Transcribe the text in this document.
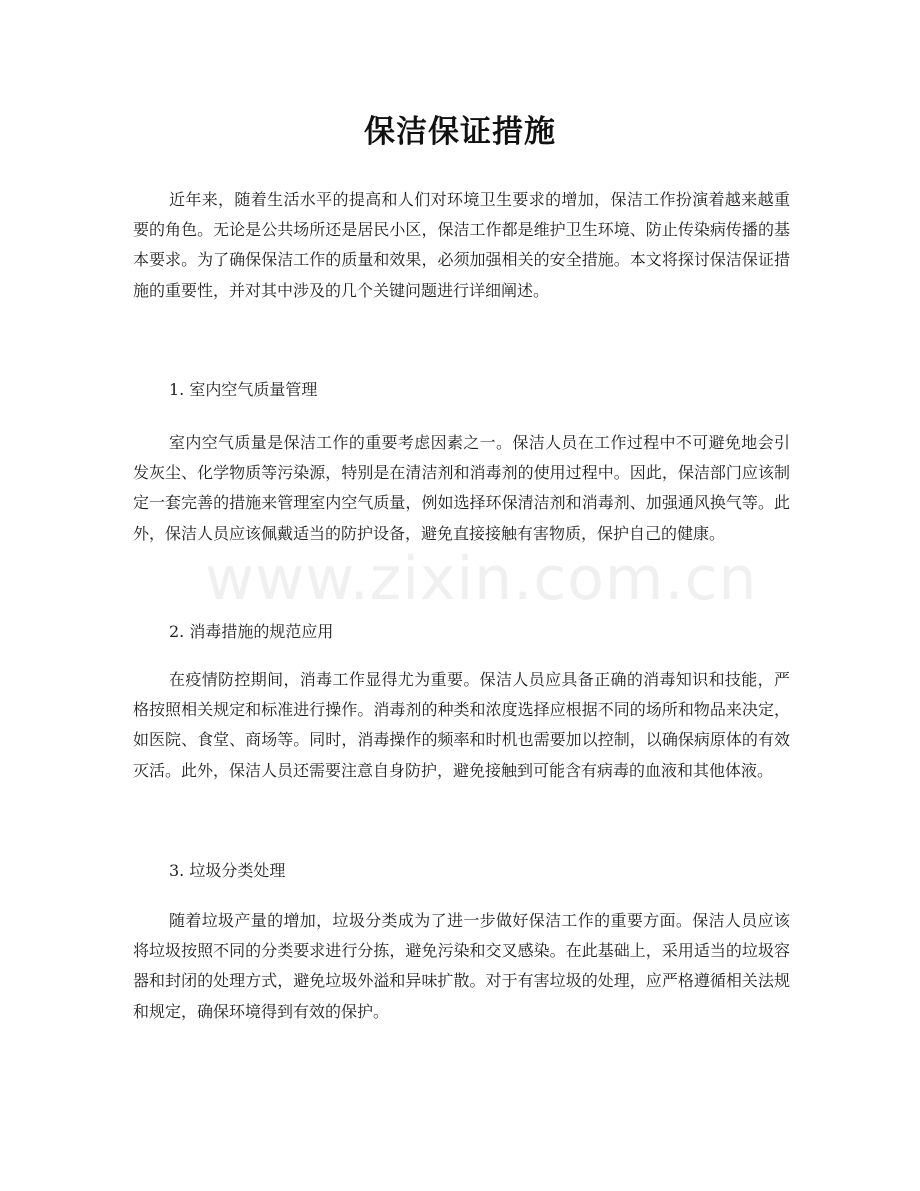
保洁保证措施

近年来，随着生活水平的提高和人们对环境卫生要求的增加，保洁工作扮演着越来越重要的角色。无论是公共场所还是居民小区，保洁工作都是维护卫生环境、防止传染病传播的基本要求。为了确保保洁工作的质量和效果，必须加强相关的安全措施。本文将探讨保洁保证措施的重要性，并对其中涉及的几个关键问题进行详细阐述。

1. 室内空气质量管理

室内空气质量是保洁工作的重要考虑因素之一。保洁人员在工作过程中不可避免地会引发灰尘、化学物质等污染源，特别是在清洁剂和消毒剂的使用过程中。因此，保洁部门应该制定一套完善的措施来管理室内空气质量，例如选择环保清洁剂和消毒剂、加强通风换气等。此外，保洁人员应该佩戴适当的防护设备，避免直接接触有害物质，保护自己的健康。

2. 消毒措施的规范应用

在疫情防控期间，消毒工作显得尤为重要。保洁人员应具备正确的消毒知识和技能，严格按照相关规定和标准进行操作。消毒剂的种类和浓度选择应根据不同的场所和物品来决定，如医院、食堂、商场等。同时，消毒操作的频率和时机也需要加以控制，以确保病原体的有效灭活。此外，保洁人员还需要注意自身防护，避免接触到可能含有病毒的血液和其他体液。

3. 垃圾分类处理

随着垃圾产量的增加，垃圾分类成为了进一步做好保洁工作的重要方面。保洁人员应该将垃圾按照不同的分类要求进行分拣，避免污染和交叉感染。在此基础上，采用适当的垃圾容器和封闭的处理方式，避免垃圾外溢和异味扩散。对于有害垃圾的处理，应严格遵循相关法规和规定，确保环境得到有效的保护。

www.zixin.com.cn
